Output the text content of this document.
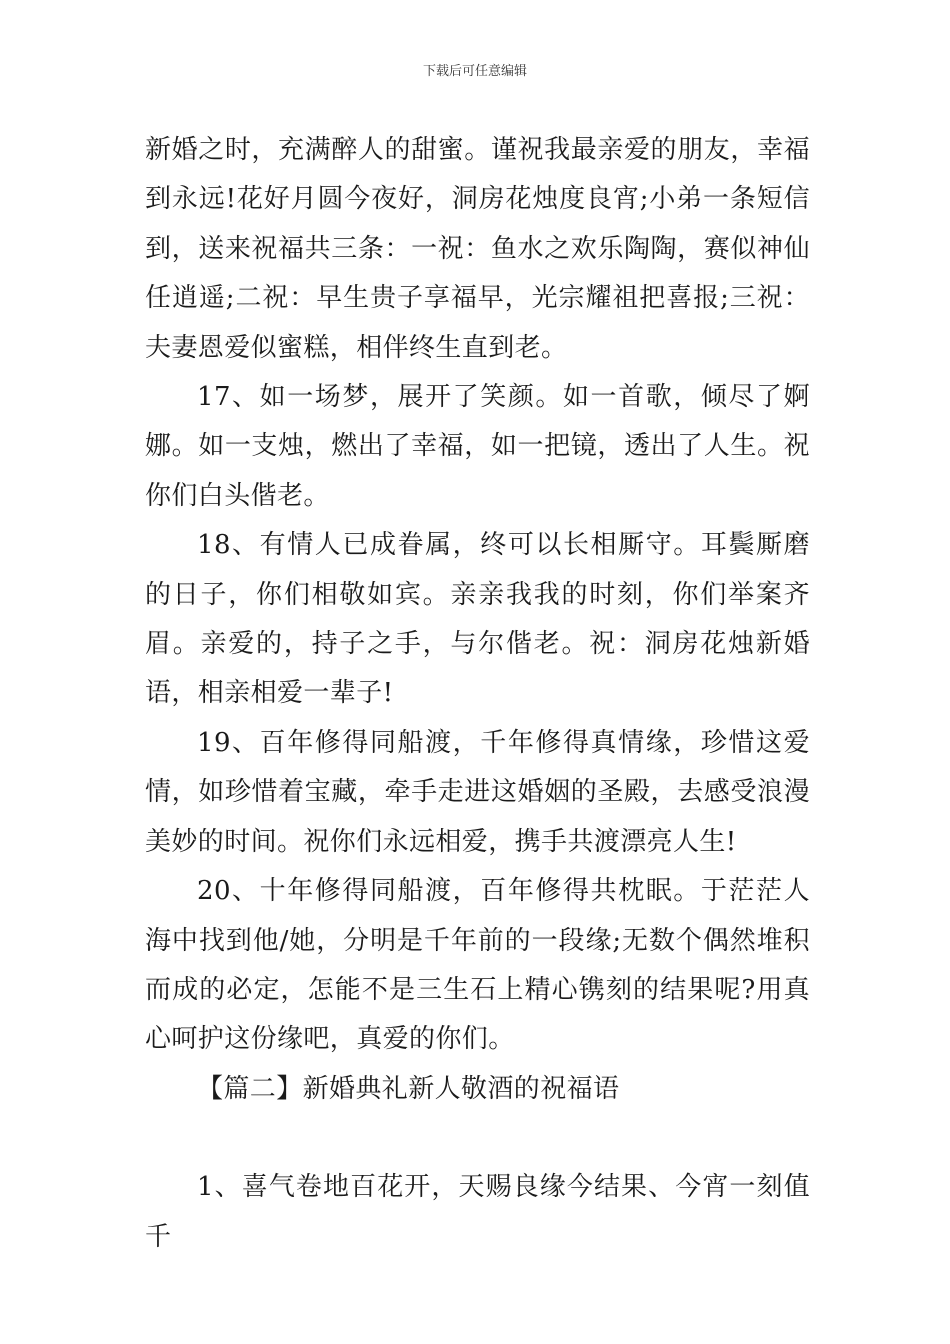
下载后可任意编辑

新婚之时，充满醉人的甜蜜。谨祝我最亲爱的朋友，幸福到永远!花好月圆今夜好，洞房花烛度良宵;小弟一条短信到，送来祝福共三条：一祝：鱼水之欢乐陶陶，赛似神仙任逍遥;二祝：早生贵子享福早，光宗耀祖把喜报;三祝：夫妻恩爱似蜜糕，相伴终生直到老。

17、如一场梦，展开了笑颜。如一首歌，倾尽了婀娜。如一支烛，燃出了幸福，如一把镜，透出了人生。祝你们白头偕老。

18、有情人已成眷属，终可以长相厮守。耳鬓厮磨的日子，你们相敬如宾。亲亲我我的时刻，你们举案齐眉。亲爱的，持子之手，与尔偕老。祝：洞房花烛新婚语，相亲相爱一辈子!

19、百年修得同船渡，千年修得真情缘，珍惜这爱情，如珍惜着宝藏，牵手走进这婚姻的圣殿，去感受浪漫美妙的时间。祝你们永远相爱，携手共渡漂亮人生!

20、十年修得同船渡，百年修得共枕眠。于茫茫人海中找到他/她，分明是千年前的一段缘;无数个偶然堆积而成的必定，怎能不是三生石上精心镌刻的结果呢?用真心呵护这份缘吧，真爱的你们。

【篇二】新婚典礼新人敬酒的祝福语

1、喜气卷地百花开，天赐良缘今结果、今宵一刻值千
